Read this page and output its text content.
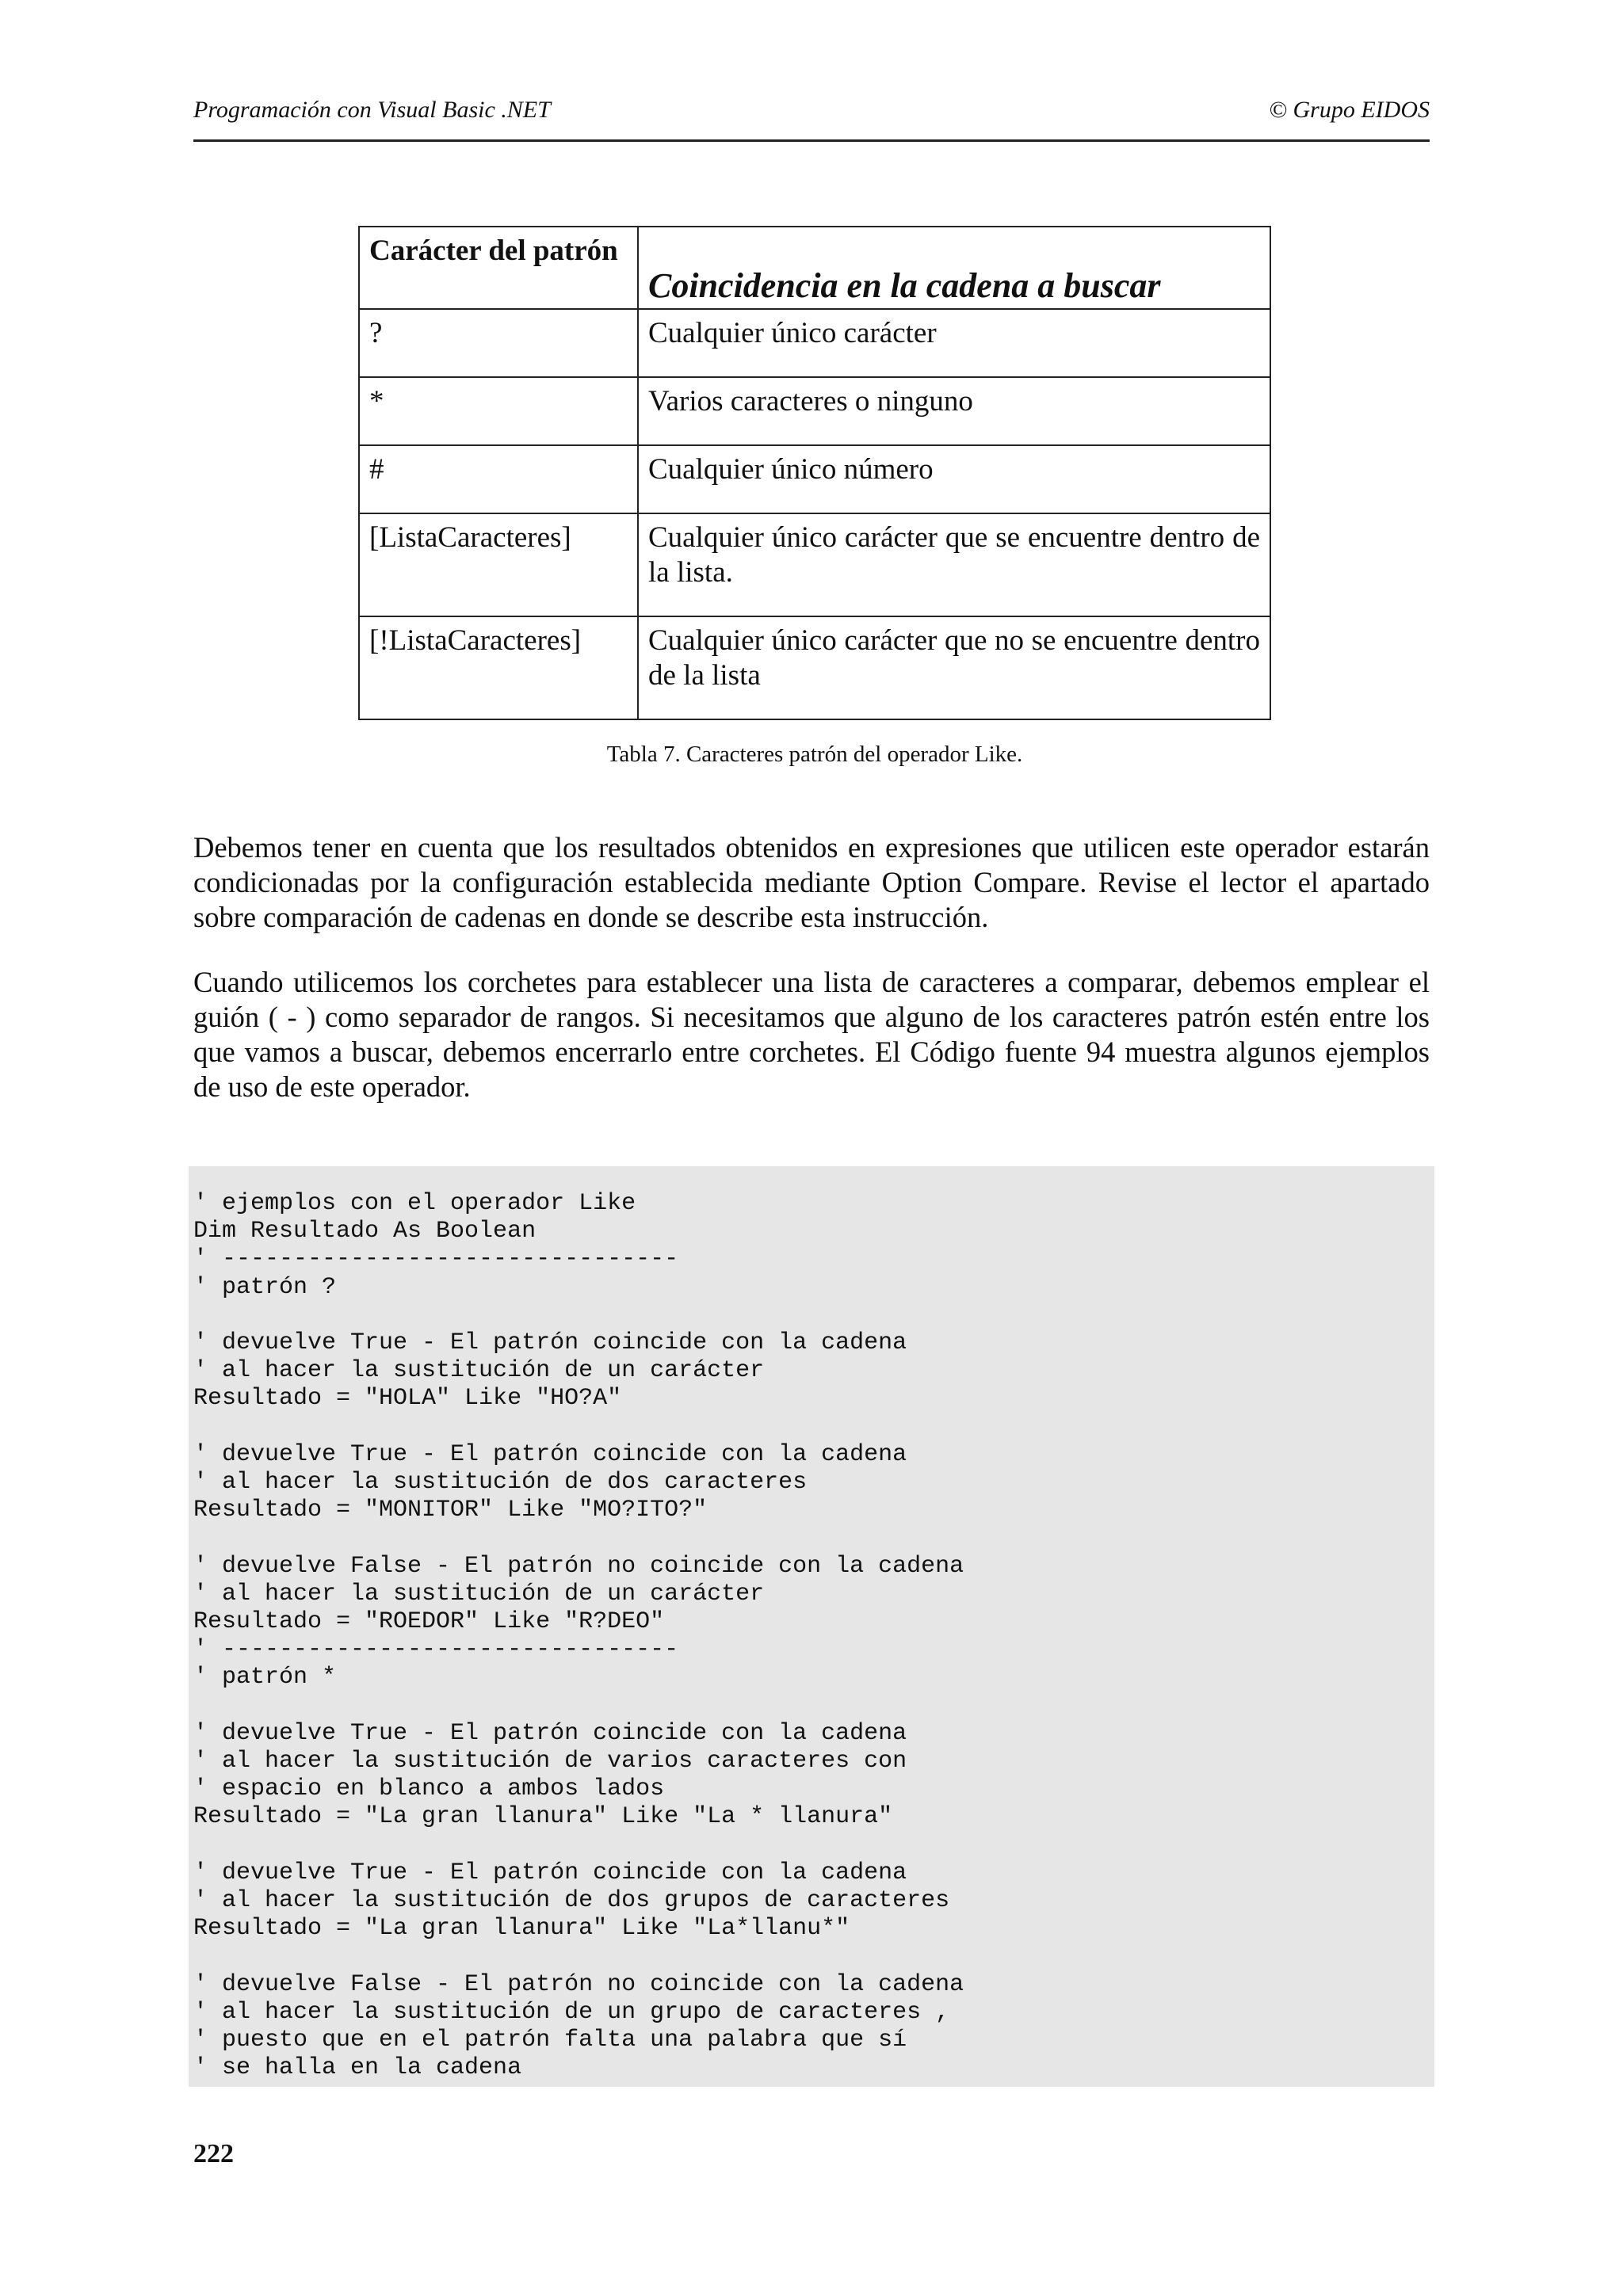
Programación con Visual Basic .NET	© Grupo EIDOS
Carácter del patrón	Coincidencia en la cadena a buscar
?	Cualquier único carácter
*	Varios caracteres o ninguno
#	Cualquier único número
[ListaCaracteres]	Cualquier único carácter que se encuentre dentro de la lista.
[!ListaCaracteres]	Cualquier único carácter que no se encuentre dentro de la lista
Tabla 7. Caracteres patrón del operador Like.

Debemos tener en cuenta que los resultados obtenidos en expresiones que utilicen este operador estarán condicionadas por la configuración establecida mediante Option Compare. Revise el lector el apartado sobre comparación de cadenas en donde se describe esta instrucción.

Cuando utilicemos los corchetes para establecer una lista de caracteres a comparar, debemos emplear el guión ( - ) como separador de rangos. Si necesitamos que alguno de los caracteres patrón estén entre los que vamos a buscar, debemos encerrarlo entre corchetes. El Código fuente 94 muestra algunos ejemplos de uso de este operador.

' ejemplos con el operador Like
Dim Resultado As Boolean
' --------------------------------
' patrón ?

' devuelve True - El patrón coincide con la cadena
' al hacer la sustitución de un carácter
Resultado = "HOLA" Like "HO?A"

' devuelve True - El patrón coincide con la cadena
' al hacer la sustitución de dos caracteres
Resultado = "MONITOR" Like "MO?ITO?"

' devuelve False - El patrón no coincide con la cadena
' al hacer la sustitución de un carácter
Resultado = "ROEDOR" Like "R?DEO"
' --------------------------------
' patrón *

' devuelve True - El patrón coincide con la cadena
' al hacer la sustitución de varios caracteres con
' espacio en blanco a ambos lados
Resultado = "La gran llanura" Like "La * llanura"

' devuelve True - El patrón coincide con la cadena
' al hacer la sustitución de dos grupos de caracteres
Resultado = "La gran llanura" Like "La*llanu*"

' devuelve False - El patrón no coincide con la cadena
' al hacer la sustitución de un grupo de caracteres ,
' puesto que en el patrón falta una palabra que sí
' se halla en la cadena
222
